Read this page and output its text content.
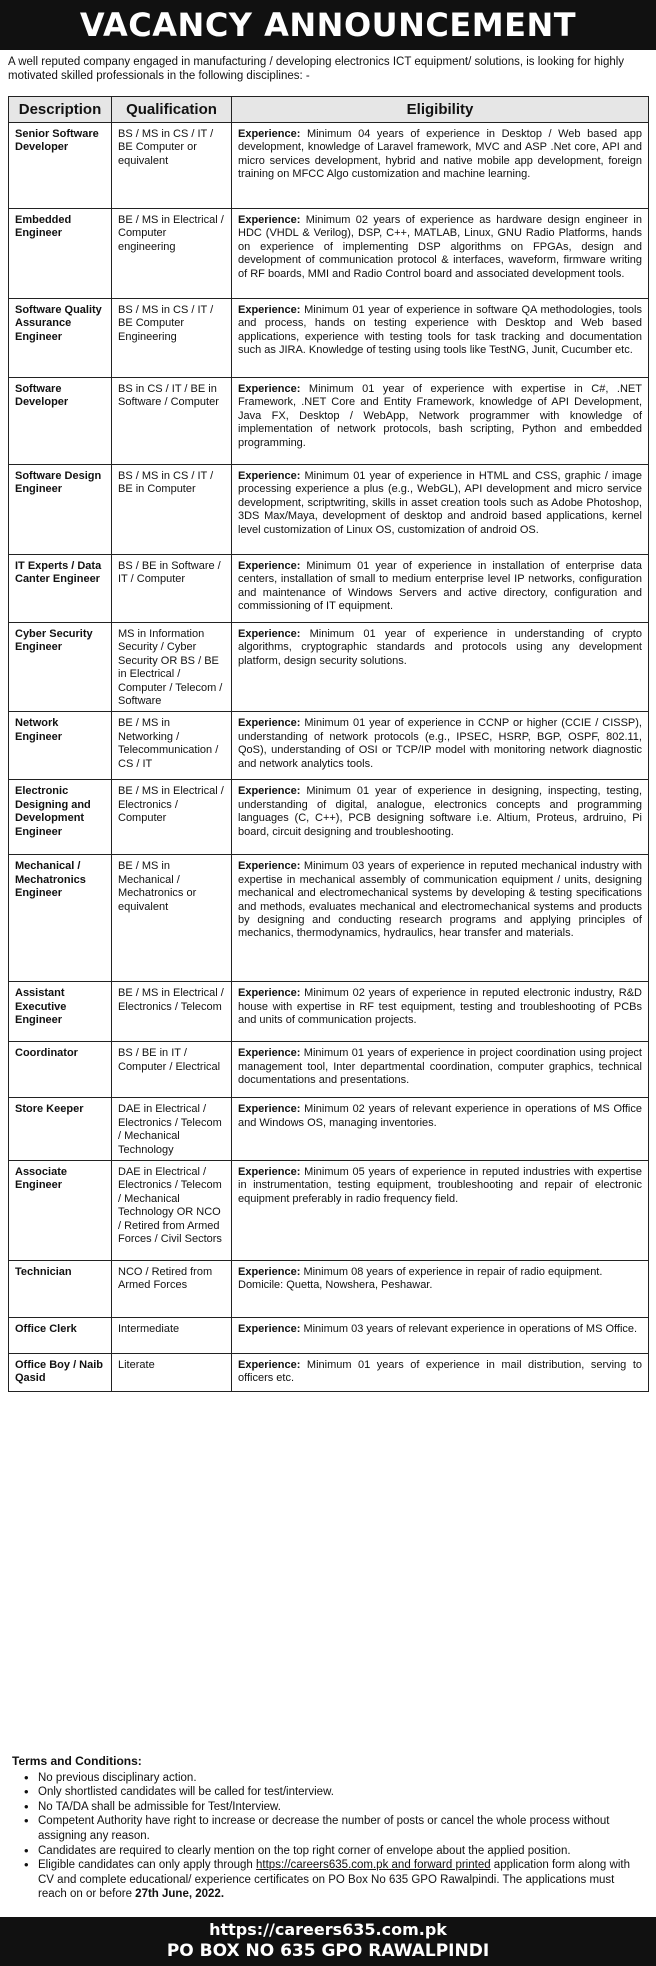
VACANCY ANNOUNCEMENT
A well reputed company engaged in manufacturing / developing electronics ICT equipment/ solutions, is looking for highly motivated skilled professionals in the following disciplines: -
Description	Qualification	Eligibility
Senior Software Developer	BS / MS in CS / IT / BE Computer or equivalent	Experience: Minimum 04 years of experience in Desktop / Web based app development, knowledge of Laravel framework, MVC and ASP .Net core, API and micro services development, hybrid and native mobile app development, foreign training on MFCC Algo customization and machine learning.
Embedded Engineer	BE / MS in Electrical / Computer engineering	Experience: Minimum 02 years of experience as hardware design engineer in HDC (VHDL & Verilog), DSP, C++, MATLAB, Linux, GNU Radio Platforms, hands on experience of implementing DSP algorithms on FPGAs, design and development of communication protocol & interfaces, waveform, firmware writing of RF boards, MMI and Radio Control board and associated development tools.
Software Quality Assurance Engineer	BS / MS in CS / IT / BE Computer Engineering	Experience: Minimum 01 year of experience in software QA methodologies, tools and process, hands on testing experience with Desktop and Web based applications, experience with testing tools for task tracking and documentation such as JIRA. Knowledge of testing using tools like TestNG, Junit, Cucumber etc.
Software Developer	BS in CS / IT / BE in Software / Computer	Experience: Minimum 01 year of experience with expertise in C#, .NET Framework, .NET Core and Entity Framework, knowledge of API Development, Java FX, Desktop / WebApp, Network programmer with knowledge of implementation of network protocols, bash scripting, Python and embedded programming.
Software Design Engineer	BS / MS in CS / IT / BE in Computer	Experience: Minimum 01 year of experience in HTML and CSS, graphic / image processing experience a plus (e.g., WebGL), API development and micro service development, scriptwriting, skills in asset creation tools such as Adobe Photoshop, 3DS Max/Maya, development of desktop and android based applications, kernel level customization of Linux OS, customization of android OS.
IT Experts / Data Canter Engineer	BS / BE in Software / IT / Computer	Experience: Minimum 01 year of experience in installation of enterprise data centers, installation of small to medium enterprise level IP networks, configuration and maintenance of Windows Servers and active directory, configuration and commissioning of IT equipment.
Cyber Security Engineer	MS in Information Security / Cyber Security OR BS / BE in Electrical / Computer / Telecom / Software	Experience: Minimum 01 year of experience in understanding of crypto algorithms, cryptographic standards and protocols using any development platform, design security solutions.
Network Engineer	BE / MS in Networking / Telecommunication / CS / IT	Experience: Minimum 01 year of experience in CCNP or higher (CCIE / CISSP), understanding of network protocols (e.g., IPSEC, HSRP, BGP, OSPF, 802.11, QoS), understanding of OSI or TCP/IP model with monitoring network diagnostic and network analytics tools.
Electronic Designing and Development Engineer	BE / MS in Electrical / Electronics / Computer	Experience: Minimum 01 year of experience in designing, inspecting, testing, understanding of digital, analogue, electronics concepts and programming languages (C, C++), PCB designing software i.e. Altium, Proteus, ardruino, Pi board, circuit designing and troubleshooting.
Mechanical / Mechatronics Engineer	BE / MS in Mechanical / Mechatronics or equivalent	Experience: Minimum 03 years of experience in reputed mechanical industry with expertise in mechanical assembly of communication equipment / units, designing mechanical and electromechanical systems by developing & testing specifications and methods, evaluates mechanical and electromechanical systems and products by designing and conducting research programs and applying principles of mechanics, thermodynamics, hydraulics, hear transfer and materials.
Assistant Executive Engineer	BE / MS in Electrical / Electronics / Telecom	Experience: Minimum 02 years of experience in reputed electronic industry, R&D house with expertise in RF test equipment, testing and troubleshooting of PCBs and units of communication projects.
Coordinator	BS / BE in IT / Computer / Electrical	Experience: Minimum 01 years of experience in project coordination using project management tool, Inter departmental coordination, computer graphics, technical documentations and presentations.
Store Keeper	DAE in Electrical / Electronics / Telecom / Mechanical Technology	Experience: Minimum 02 years of relevant experience in operations of MS Office and Windows OS, managing inventories.
Associate Engineer	DAE in Electrical / Electronics / Telecom / Mechanical Technology OR NCO / Retired from Armed Forces / Civil Sectors	Experience: Minimum 05 years of experience in reputed industries with expertise in instrumentation, testing equipment, troubleshooting and repair of electronic equipment preferably in radio frequency field.
Technician	NCO / Retired from Armed Forces	Experience: Minimum 08 years of experience in repair of radio equipment.
Domicile: Quetta, Nowshera, Peshawar.

Office Clerk	Intermediate	Experience: Minimum 03 years of relevant experience in operations of MS Office.
Office Boy / Naib Qasid	Literate	Experience: Minimum 01 years of experience in mail distribution, serving to officers etc.
Terms and Conditions:
• No previous disciplinary action.
• Only shortlisted candidates will be called for test/interview.
• No TA/DA shall be admissible for Test/Interview.
• Competent Authority have right to increase or decrease the number of posts or cancel the whole process without assigning any reason.
• Candidates are required to clearly mention on the top right corner of envelope about the applied position.
• Eligible candidates can only apply through https://careers635.com.pk and forward printed application form along with CV and complete educational/ experience certificates on PO Box No 635 GPO Rawalpindi. The applications must reach on or before 27th June, 2022.
https://careers635.com.pk
PO BOX NO 635 GPO RAWALPINDI
